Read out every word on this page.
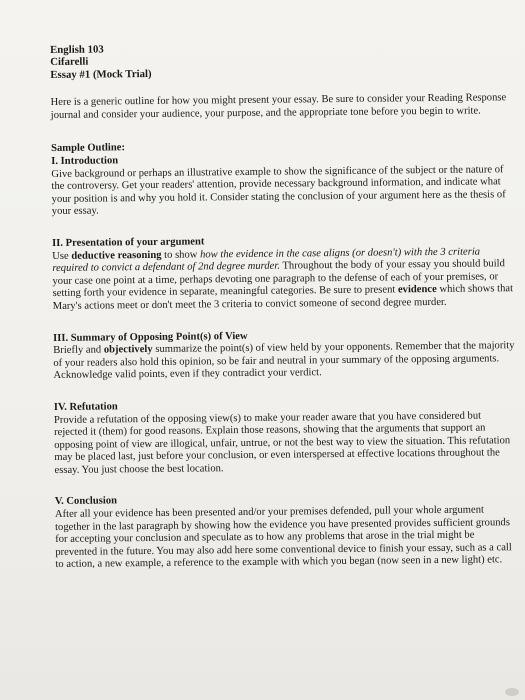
English 103
Cifarelli
Essay #1 (Mock Trial)

Here is a generic outline for how you might present your essay. Be sure to consider your Reading Response journal and consider your audience, your purpose, and the appropriate tone before you begin to write.

Sample Outline:
I. Introduction

Give background or perhaps an illustrative example to show the significance of the subject or the nature of the controversy. Get your readers' attention, provide necessary background information, and indicate what your position is and why you hold it. Consider stating the conclusion of your argument here as the thesis of your essay.

II. Presentation of your argument

Use deductive reasoning to show how the evidence in the case aligns (or doesn't) with the 3 criteria required to convict a defendant of 2nd degree murder. Throughout the body of your essay you should build your case one point at a time, perhaps devoting one paragraph to the defense of each of your premises, or setting forth your evidence in separate, meaningful categories. Be sure to present evidence which shows that Mary's actions meet or don't meet the 3 criteria to convict someone of second degree murder.

III. Summary of Opposing Point(s) of View

Briefly and objectively summarize the point(s) of view held by your opponents. Remember that the majority of your readers also hold this opinion, so be fair and neutral in your summary of the opposing arguments. Acknowledge valid points, even if they contradict your verdict.

IV. Refutation

Provide a refutation of the opposing view(s) to make your reader aware that you have considered but rejected it (them) for good reasons. Explain those reasons, showing that the arguments that support an opposing point of view are illogical, unfair, untrue, or not the best way to view the situation. This refutation may be placed last, just before your conclusion, or even interspersed at effective locations throughout the essay. You just choose the best location.

V. Conclusion

After all your evidence has been presented and/or your premises defended, pull your whole argument together in the last paragraph by showing how the evidence you have presented provides sufficient grounds for accepting your conclusion and speculate as to how any problems that arose in the trial might be prevented in the future. You may also add here some conventional device to finish your essay, such as a call to action, a new example, a reference to the example with which you began (now seen in a new light) etc.
